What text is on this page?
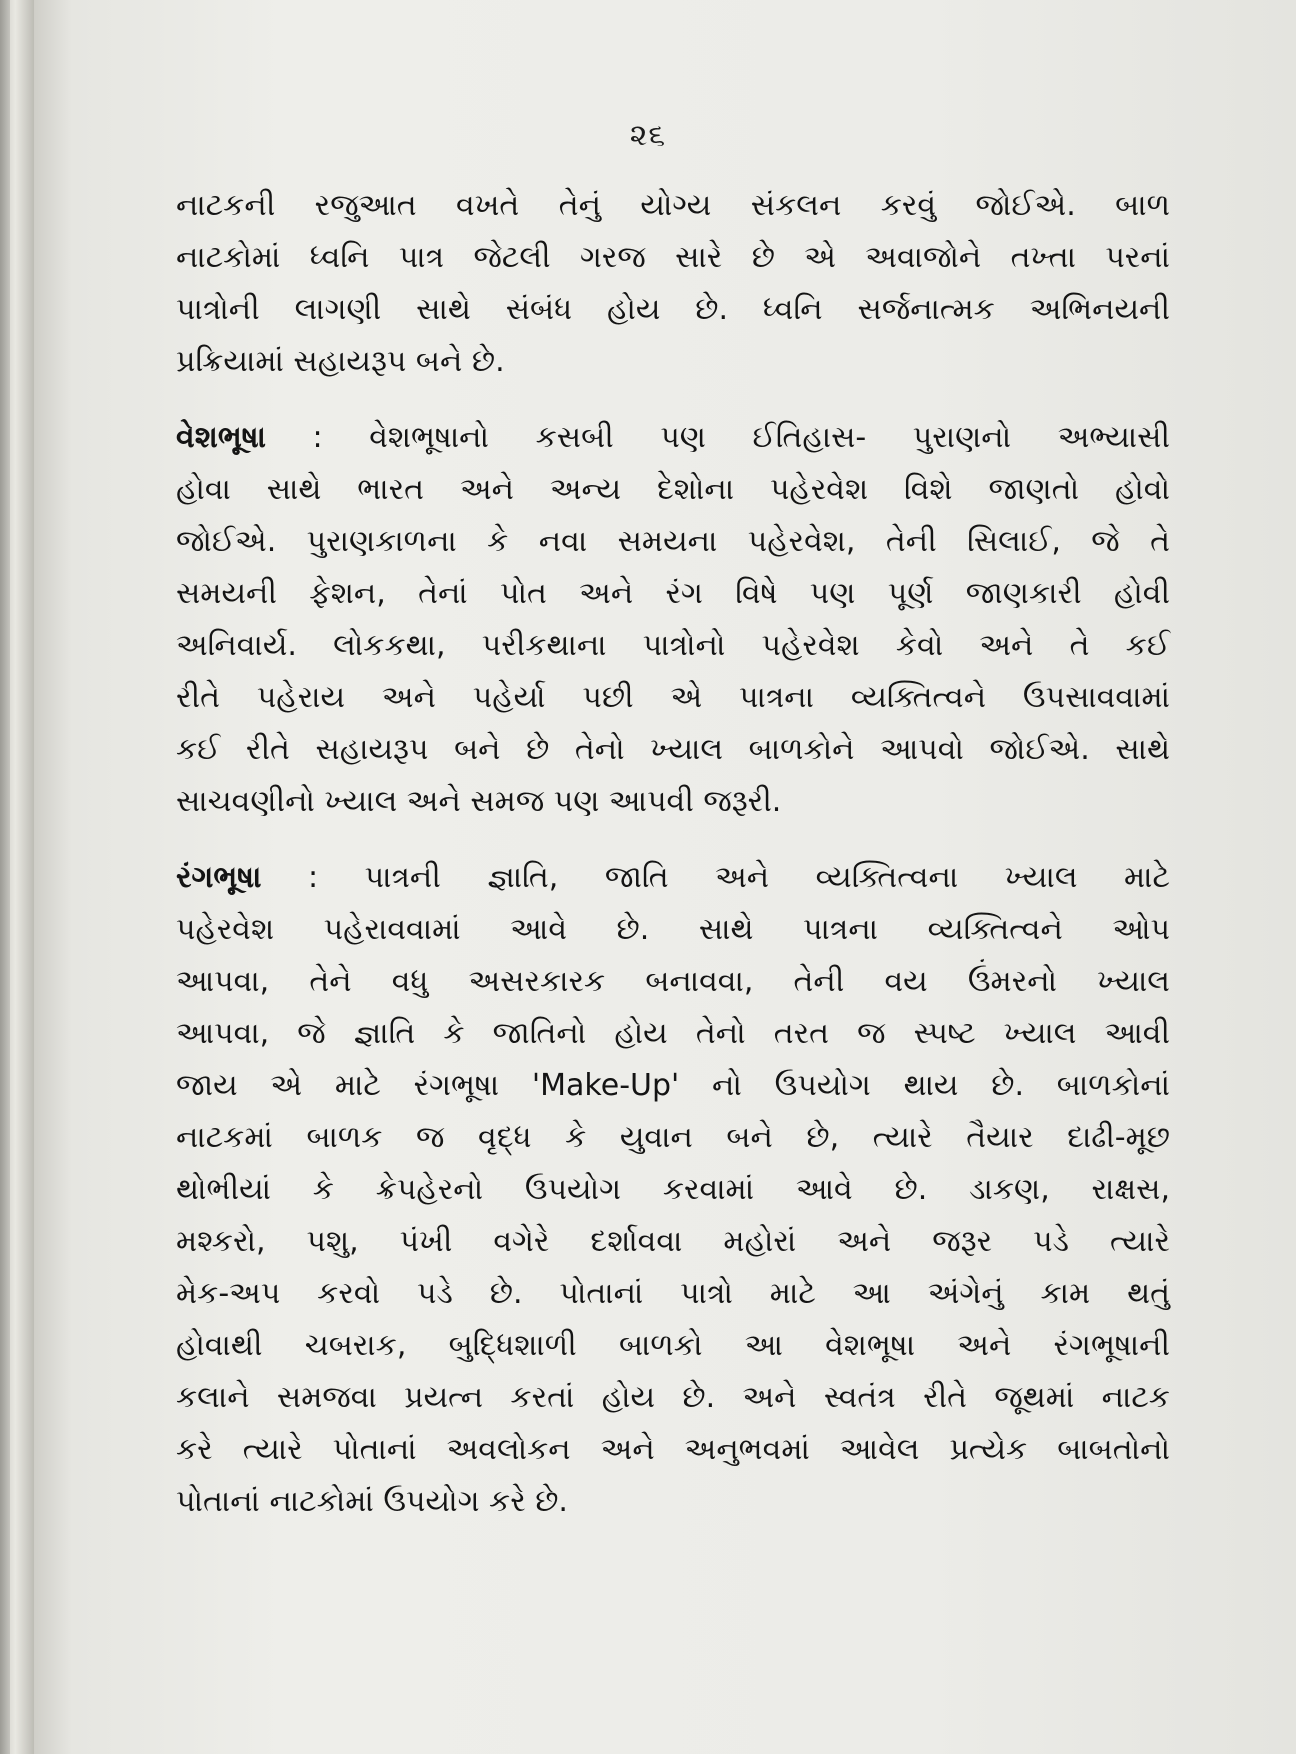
૨૬

નાટકની રજુઆત વખતે તેનું યોગ્ય સંકલન કરવું જોઈએ. બાળ
નાટકોમાં ધ્વનિ પાત્ર જેટલી ગરજ સારે છે એ અવાજોને તખ્તા પરનાં
પાત્રોની લાગણી સાથે સંબંધ હોય છે. ધ્વનિ સર્જનાત્મક અભિનયની
પ્રક્રિયામાં સહાયરૂપ બને છે.

વેશભૂષા : વેશભૂષાનો કસબી પણ ઈતિહાસ- પુરાણનો અભ્યાસી
હોવા સાથે ભારત અને અન્ય દેશોના પહેરવેશ વિશે જાણતો હોવો
જોઈએ. પુરાણકાળના કે નવા સમયના પહેરવેશ, તેની સિલાઈ, જે તે
સમયની ફેશન, તેનાં પોત અને રંગ વિષે પણ પૂર્ણ જાણકારી હોવી
અનિવાર્ય. લોકકથા, પરીકથાના પાત્રોનો પહેરવેશ કેવો અને તે કઈ
રીતે પહેરાય અને પહેર્યા પછી એ પાત્રના વ્યક્તિત્વને ઉપસાવવામાં
કઈ રીતે સહાયરૂપ બને છે તેનો ખ્યાલ બાળકોને આપવો જોઈએ. સાથે
સાચવણીનો ખ્યાલ અને સમજ પણ આપવી જરૂરી.

રંગભૂષા : પાત્રની જ્ઞાતિ, જાતિ અને વ્યક્તિત્વના ખ્યાલ માટે
પહેરવેશ પહેરાવવામાં આવે છે. સાથે પાત્રના વ્યક્તિત્વને ઓપ
આપવા, તેને વધુ અસરકારક બનાવવા, તેની વય ઉંમરનો ખ્યાલ
આપવા, જે જ્ઞાતિ કે જાતિનો હોય તેનો તરત જ સ્પષ્ટ ખ્યાલ આવી
જાય એ માટે રંગભૂષા 'Make-Up' નો ઉપયોગ થાય છે. બાળકોનાં
નાટકમાં બાળક જ વૃદ્ધ કે યુવાન બને છે, ત્યારે તૈયાર દાઢી-મૂછ
થોભીયાં કે ક્રેપહેરનો ઉપયોગ કરવામાં આવે છે. ડાકણ, રાક્ષસ,
મશ્કરો, પશુ, પંખી વગેરે દર્શાવવા મહોરાં અને જરૂર પડે ત્યારે
મેક-અપ કરવો પડે છે. પોતાનાં પાત્રો માટે આ અંગેનું કામ થતું
હોવાથી ચબરાક, બુદ્ધિશાળી બાળકો આ વેશભૂષા અને રંગભૂષાની
કલાને સમજવા પ્રયત્ન કરતાં હોય છે. અને સ્વતંત્ર રીતે જૂથમાં નાટક
કરે ત્યારે પોતાનાં અવલોકન અને અનુભવમાં આવેલ પ્રત્યેક બાબતોનો
પોતાનાં નાટકોમાં ઉપયોગ કરે છે.
